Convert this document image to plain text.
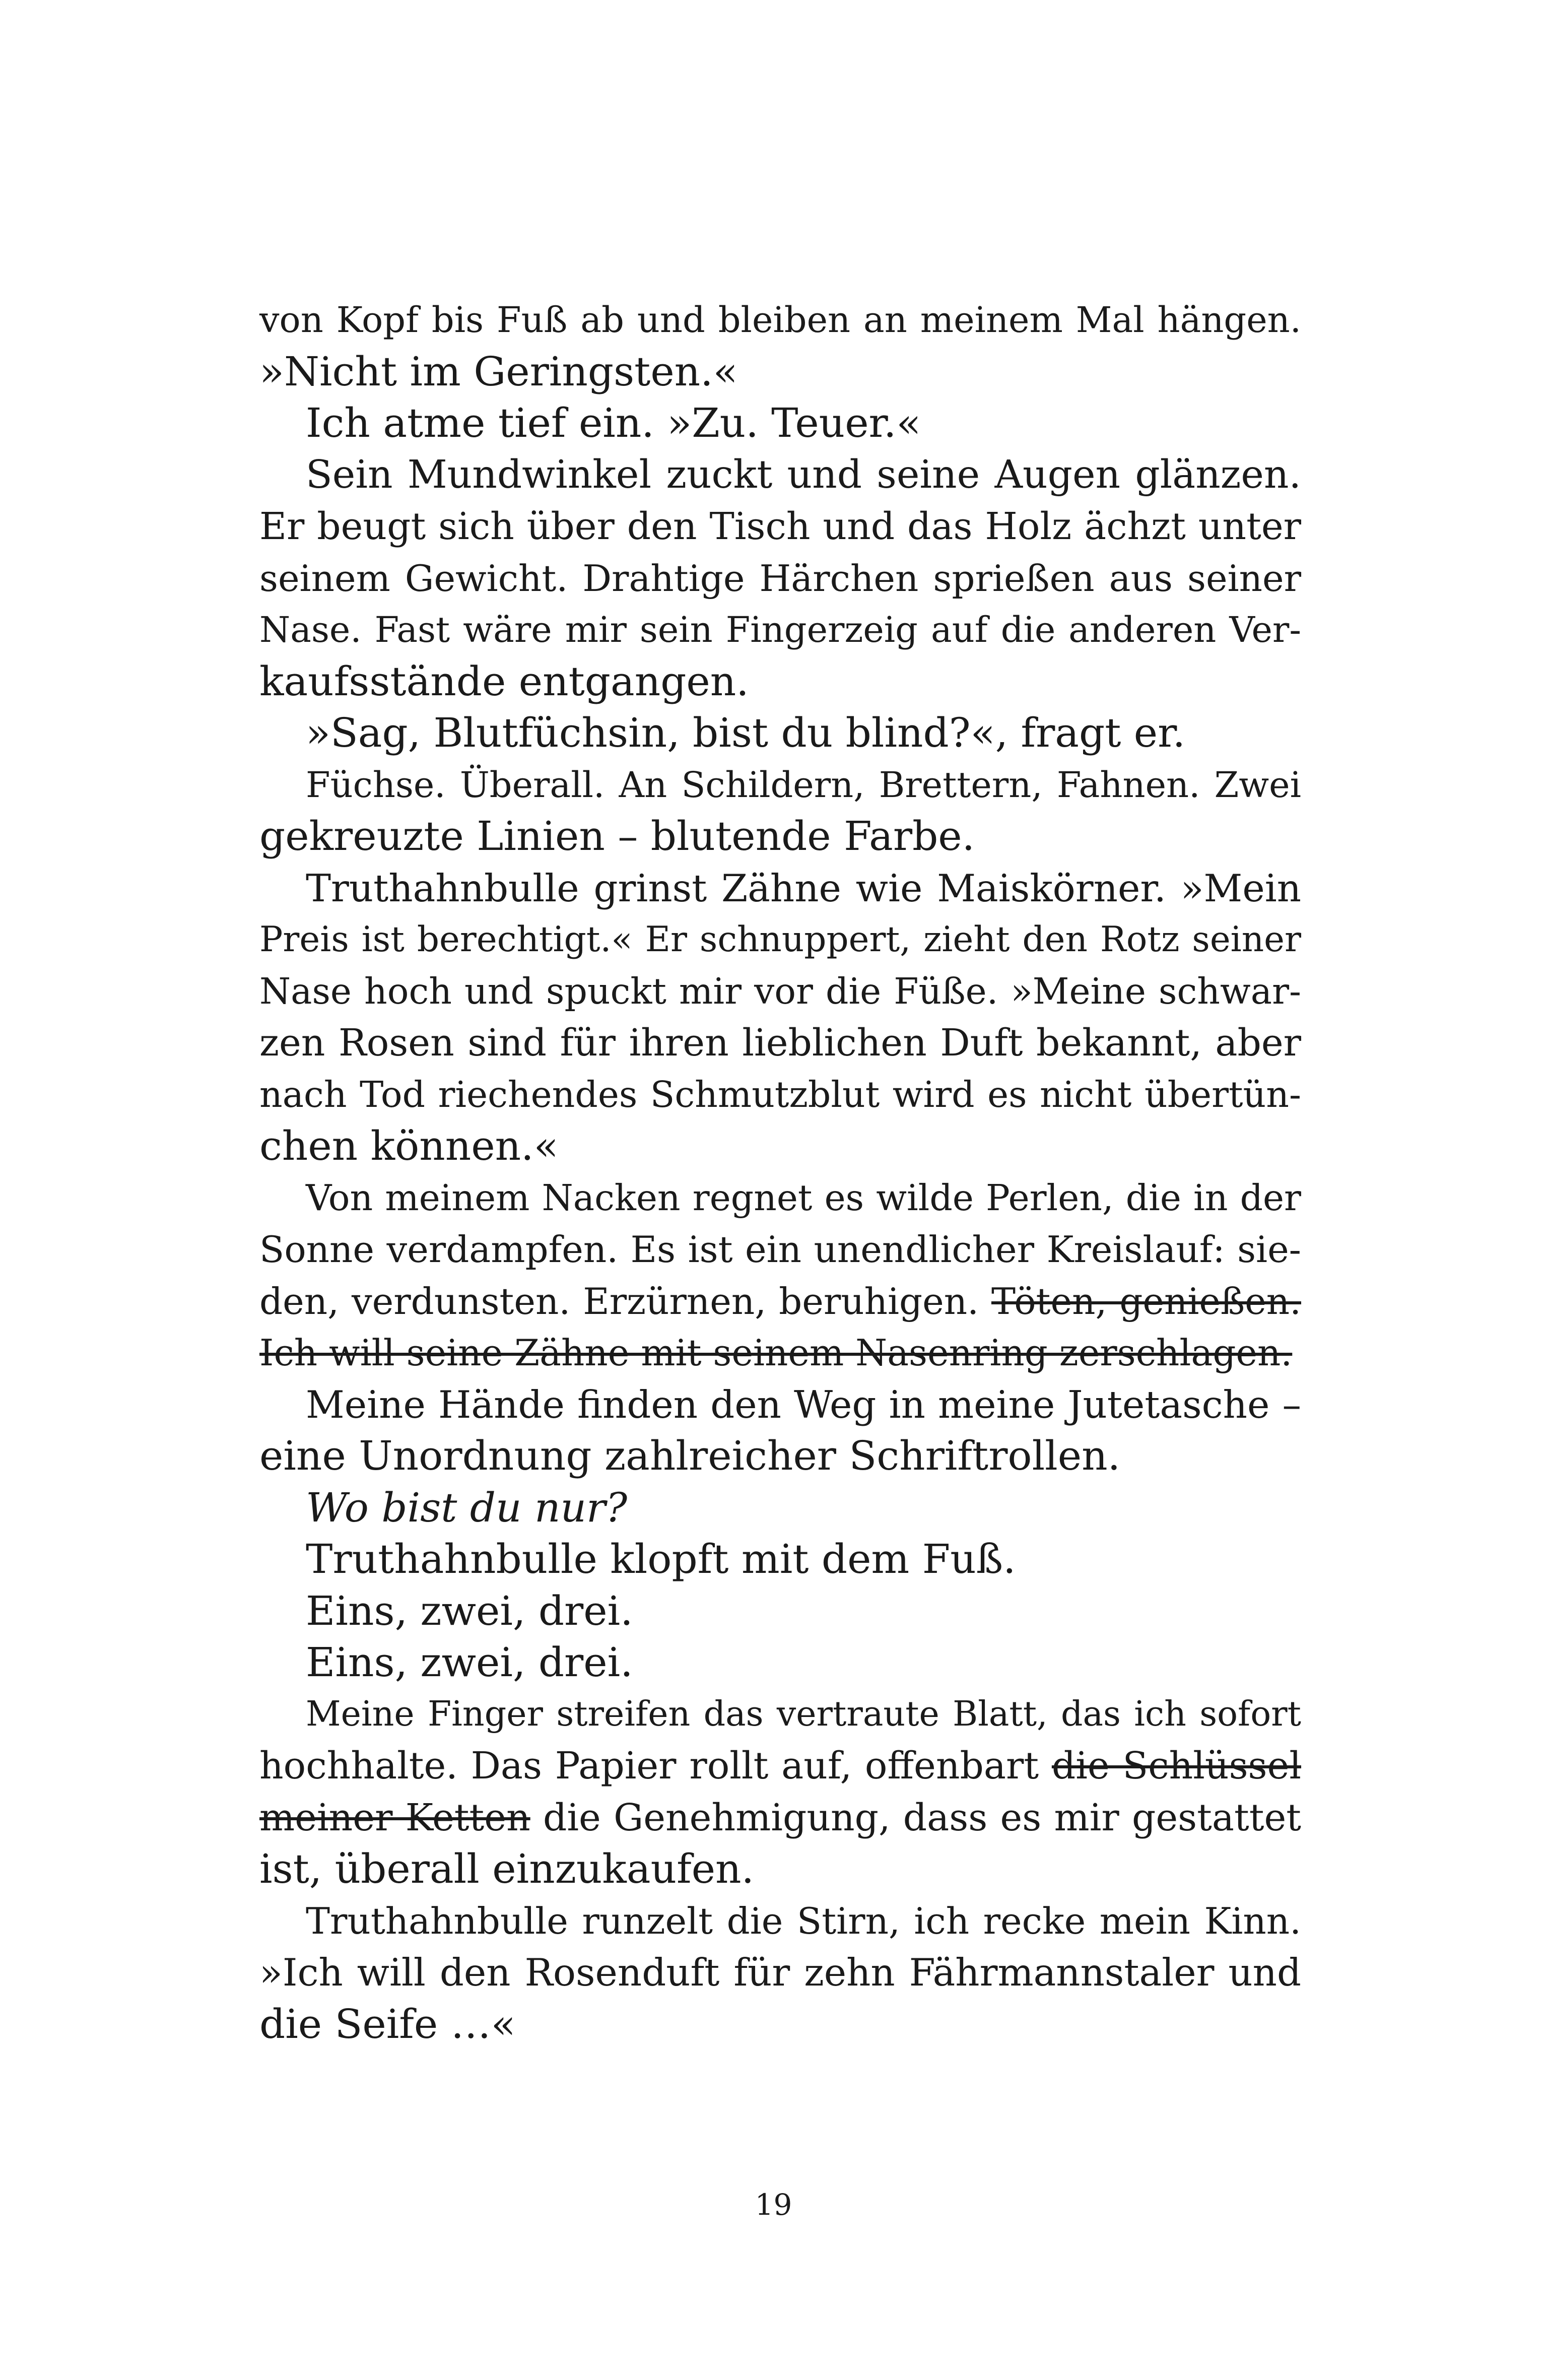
von Kopf bis Fuß ab und bleiben an meinem Mal hängen.
»Nicht im Geringsten.«
Ich atme tief ein. »Zu. Teuer.«
Sein Mundwinkel zuckt und seine Augen glänzen.
Er beugt sich über den Tisch und das Holz ächzt unter
seinem Gewicht. Drahtige Härchen sprießen aus seiner
Nase. Fast wäre mir sein Fingerzeig auf die anderen Ver-
kaufsstände entgangen.
»Sag, Blutfüchsin, bist du blind?«, fragt er.
Füchse. Überall. An Schildern, Brettern, Fahnen. Zwei
gekreuzte Linien – blutende Farbe.
Truthahnbulle grinst Zähne wie Maiskörner. »Mein
Preis ist berechtigt.« Er schnuppert, zieht den Rotz seiner
Nase hoch und spuckt mir vor die Füße. »Meine schwar-
zen Rosen sind für ihren lieblichen Duft bekannt, aber
nach Tod riechendes Schmutzblut wird es nicht übertün-
chen können.«
Von meinem Nacken regnet es wilde Perlen, die in der
Sonne verdampfen. Es ist ein unendlicher Kreislauf: sie-
den, verdunsten. Erzürnen, beruhigen. Töten, genießen.
Ich will seine Zähne mit seinem Nasenring zerschlagen.
Meine Hände finden den Weg in meine Jutetasche –
eine Unordnung zahlreicher Schriftrollen.
Wo bist du nur?
Truthahnbulle klopft mit dem Fuß.
Eins, zwei, drei.
Eins, zwei, drei.
Meine Finger streifen das vertraute Blatt, das ich sofort
hochhalte. Das Papier rollt auf, offenbart die Schlüssel
meiner Ketten die Genehmigung, dass es mir gestattet
ist, überall einzukaufen.
Truthahnbulle runzelt die Stirn, ich recke mein Kinn.
»Ich will den Rosenduft für zehn Fährmannstaler und
die Seife …«
19
